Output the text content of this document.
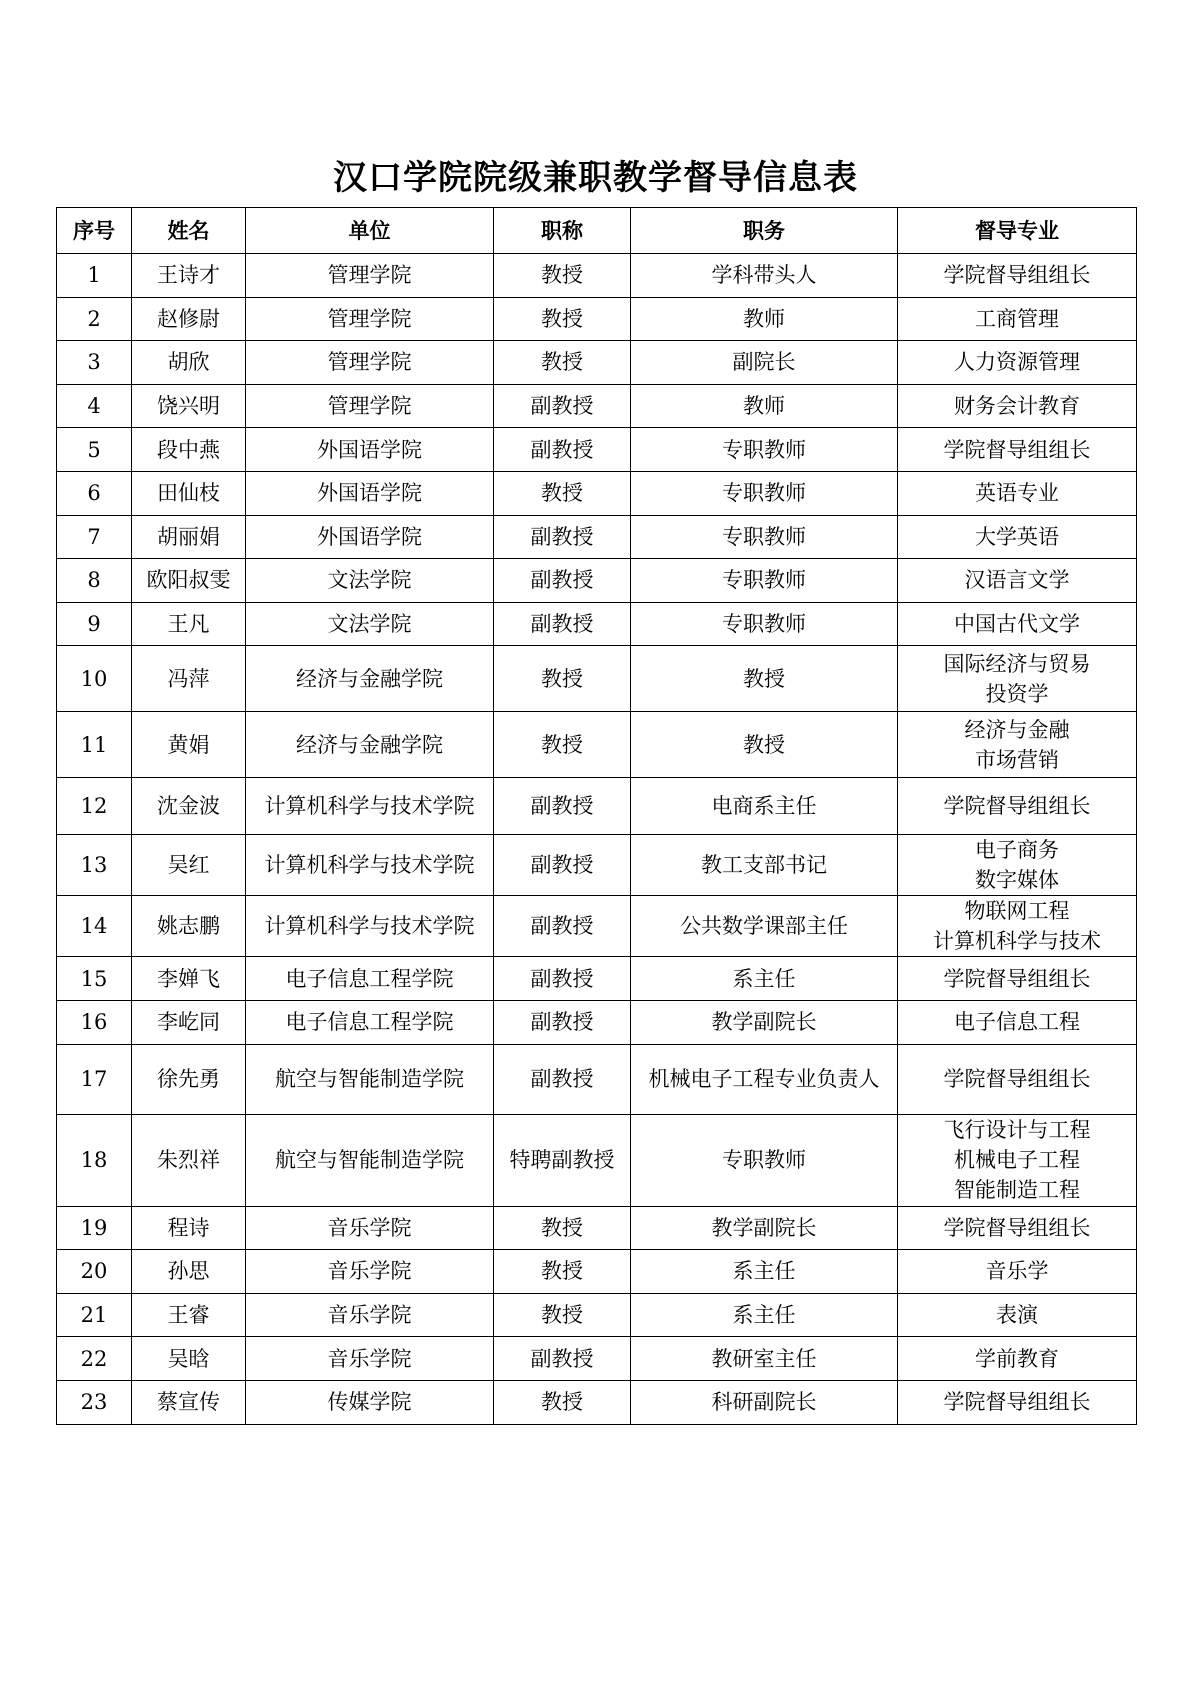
汉口学院院级兼职教学督导信息表
序号	姓名	单位	职称	职务	督导专业
1	王诗才	管理学院	教授	学科带头人	学院督导组组长

2	赵修尉	管理学院	教授	教师	工商管理

3	胡欣	管理学院	教授	副院长	人力资源管理

4	饶兴明	管理学院	副教授	教师	财务会计教育

5	段中燕	外国语学院	副教授	专职教师	学院督导组组长

6	田仙枝	外国语学院	教授	专职教师	英语专业

7	胡丽娟	外国语学院	副教授	专职教师	大学英语

8	欧阳叔雯	文法学院	副教授	专职教师	汉语言文学

9	王凡	文法学院	副教授	专职教师	中国古代文学

10	冯萍	经济与金融学院	教授	教授	国际经济与贸易
投资学

11	黄娟	经济与金融学院	教授	教授	经济与金融
市场营销

12	沈金波	计算机科学与技术学院	副教授	电商系主任	学院督导组组长

13	吴红	计算机科学与技术学院	副教授	教工支部书记	电子商务
数字媒体

14	姚志鹏	计算机科学与技术学院	副教授	公共数学课部主任	物联网工程
计算机科学与技术

15	李婵飞	电子信息工程学院	副教授	系主任	学院督导组组长

16	李屹同	电子信息工程学院	副教授	教学副院长	电子信息工程

17	徐先勇	航空与智能制造学院	副教授	机械电子工程专业负责人	学院督导组组长

18	朱烈祥	航空与智能制造学院	特聘副教授	专职教师	飞行设计与工程
机械电子工程
智能制造工程

19	程诗	音乐学院	教授	教学副院长	学院督导组组长

20	孙思	音乐学院	教授	系主任	音乐学

21	王睿	音乐学院	教授	系主任	表演

22	吴晗	音乐学院	副教授	教研室主任	学前教育

23	蔡宣传	传媒学院	教授	科研副院长	学院督导组组长
